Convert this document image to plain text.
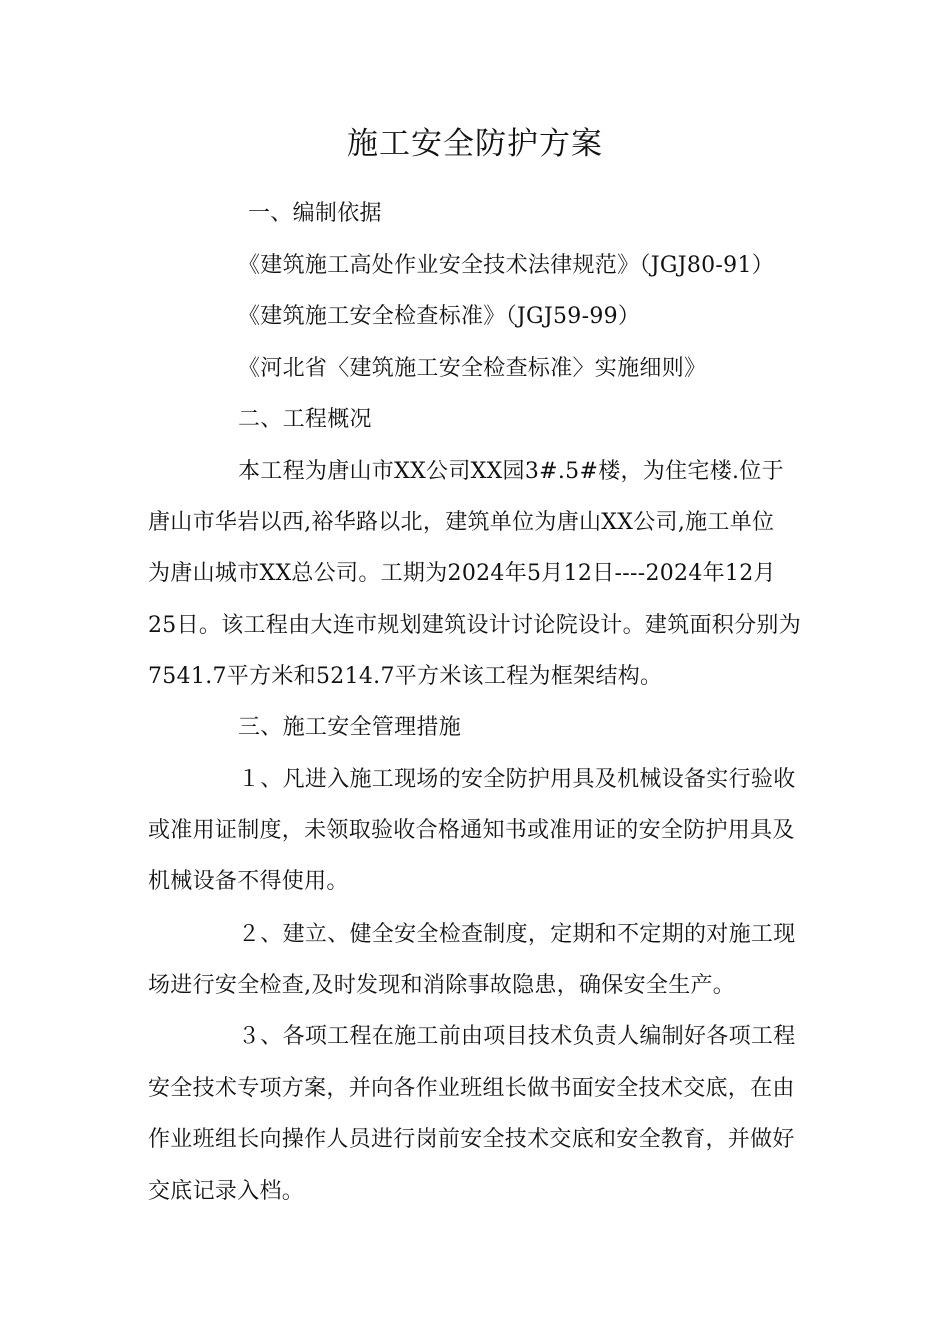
施工安全防护方案
一、编制依据
《建筑施工高处作业安全技术法律规范》（JGJ80-91）
《建筑施工安全检查标准》（JGJ59-99）
《河北省〈建筑施工安全检查标准〉实施细则》
二、工程概况
本工程为唐山市XX公司XX园3#.5#楼，为住宅楼.位于
唐山市华岩以西,裕华路以北，建筑单位为唐山XX公司,施工单位
为唐山城市XX总公司。工期为2024年5月12日----2024年12月
25日。该工程由大连市规划建筑设计讨论院设计。建筑面积分别为
7541.7平方米和5214.7平方米该工程为框架结构。
三、施工安全管理措施
１、凡进入施工现场的安全防护用具及机械设备实行验收
或准用证制度，未领取验收合格通知书或准用证的安全防护用具及
机械设备不得使用。
２、建立、健全安全检查制度，定期和不定期的对施工现
场进行安全检查,及时发现和消除事故隐患，确保安全生产。
３、各项工程在施工前由项目技术负责人编制好各项工程
安全技术专项方案，并向各作业班组长做书面安全技术交底，在由
作业班组长向操作人员进行岗前安全技术交底和安全教育，并做好
交底记录入档。
